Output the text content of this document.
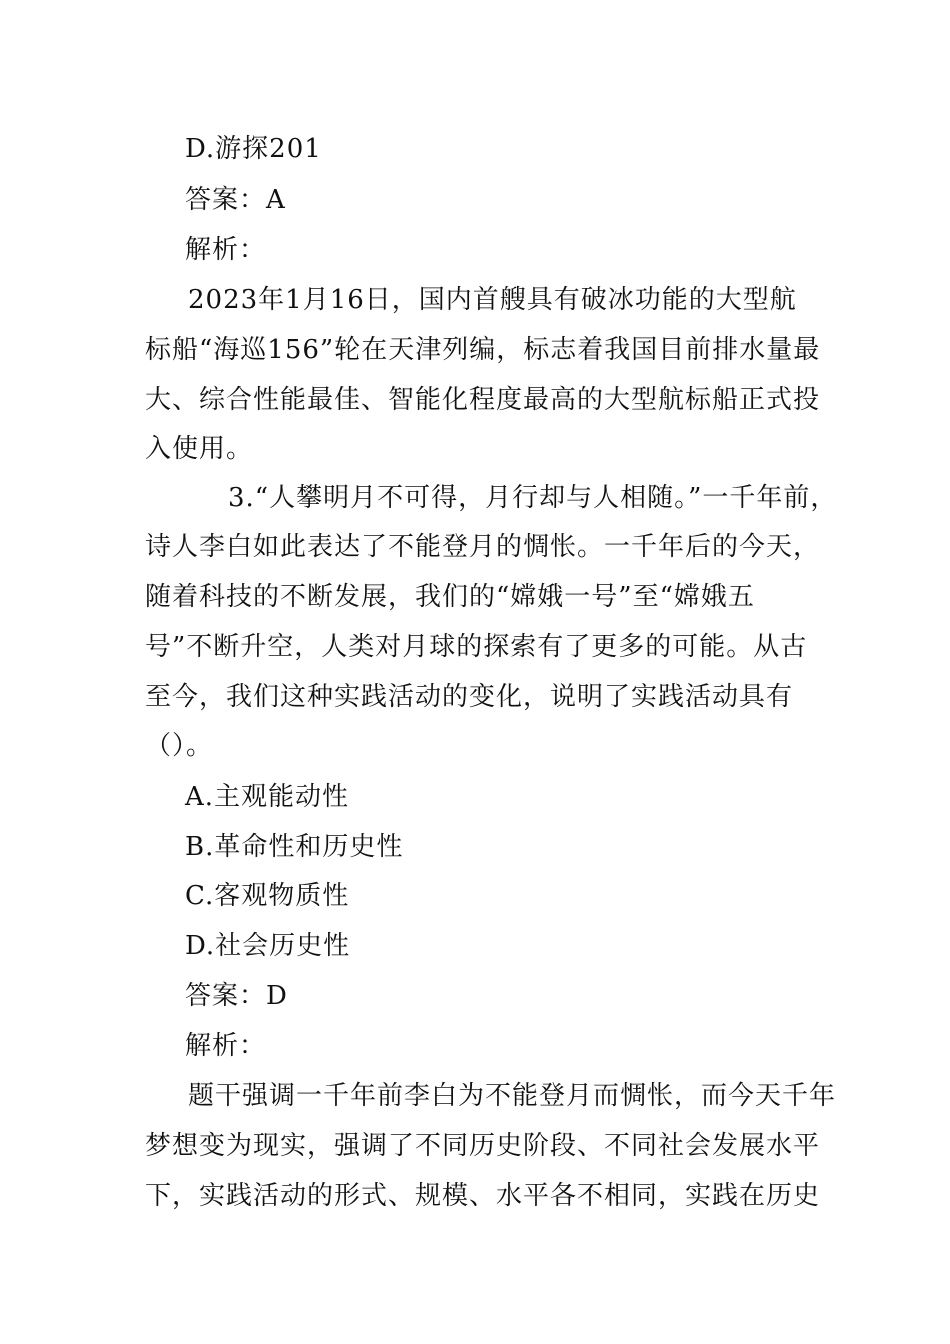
D.游探201
答案：A
解析：
2023年1月16日，国内首艘具有破冰功能的大型航
标船“海巡156”轮在天津列编，标志着我国目前排水量最
大、综合性能最佳、智能化程度最高的大型航标船正式投
入使用。
3.“人攀明月不可得，月行却与人相随。”一千年前，
诗人李白如此表达了不能登月的惆怅。一千年后的今天，
随着科技的不断发展，我们的“嫦娥一号”至“嫦娥五
号”不断升空，人类对月球的探索有了更多的可能。从古
至今，我们这种实践活动的变化，说明了实践活动具有
（）。
A.主观能动性
B.革命性和历史性
C.客观物质性
D.社会历史性
答案：D
解析：
题干强调一千年前李白为不能登月而惆怅，而今天千年
梦想变为现实，强调了不同历史阶段、不同社会发展水平
下，实践活动的形式、规模、水平各不相同，实践在历史
